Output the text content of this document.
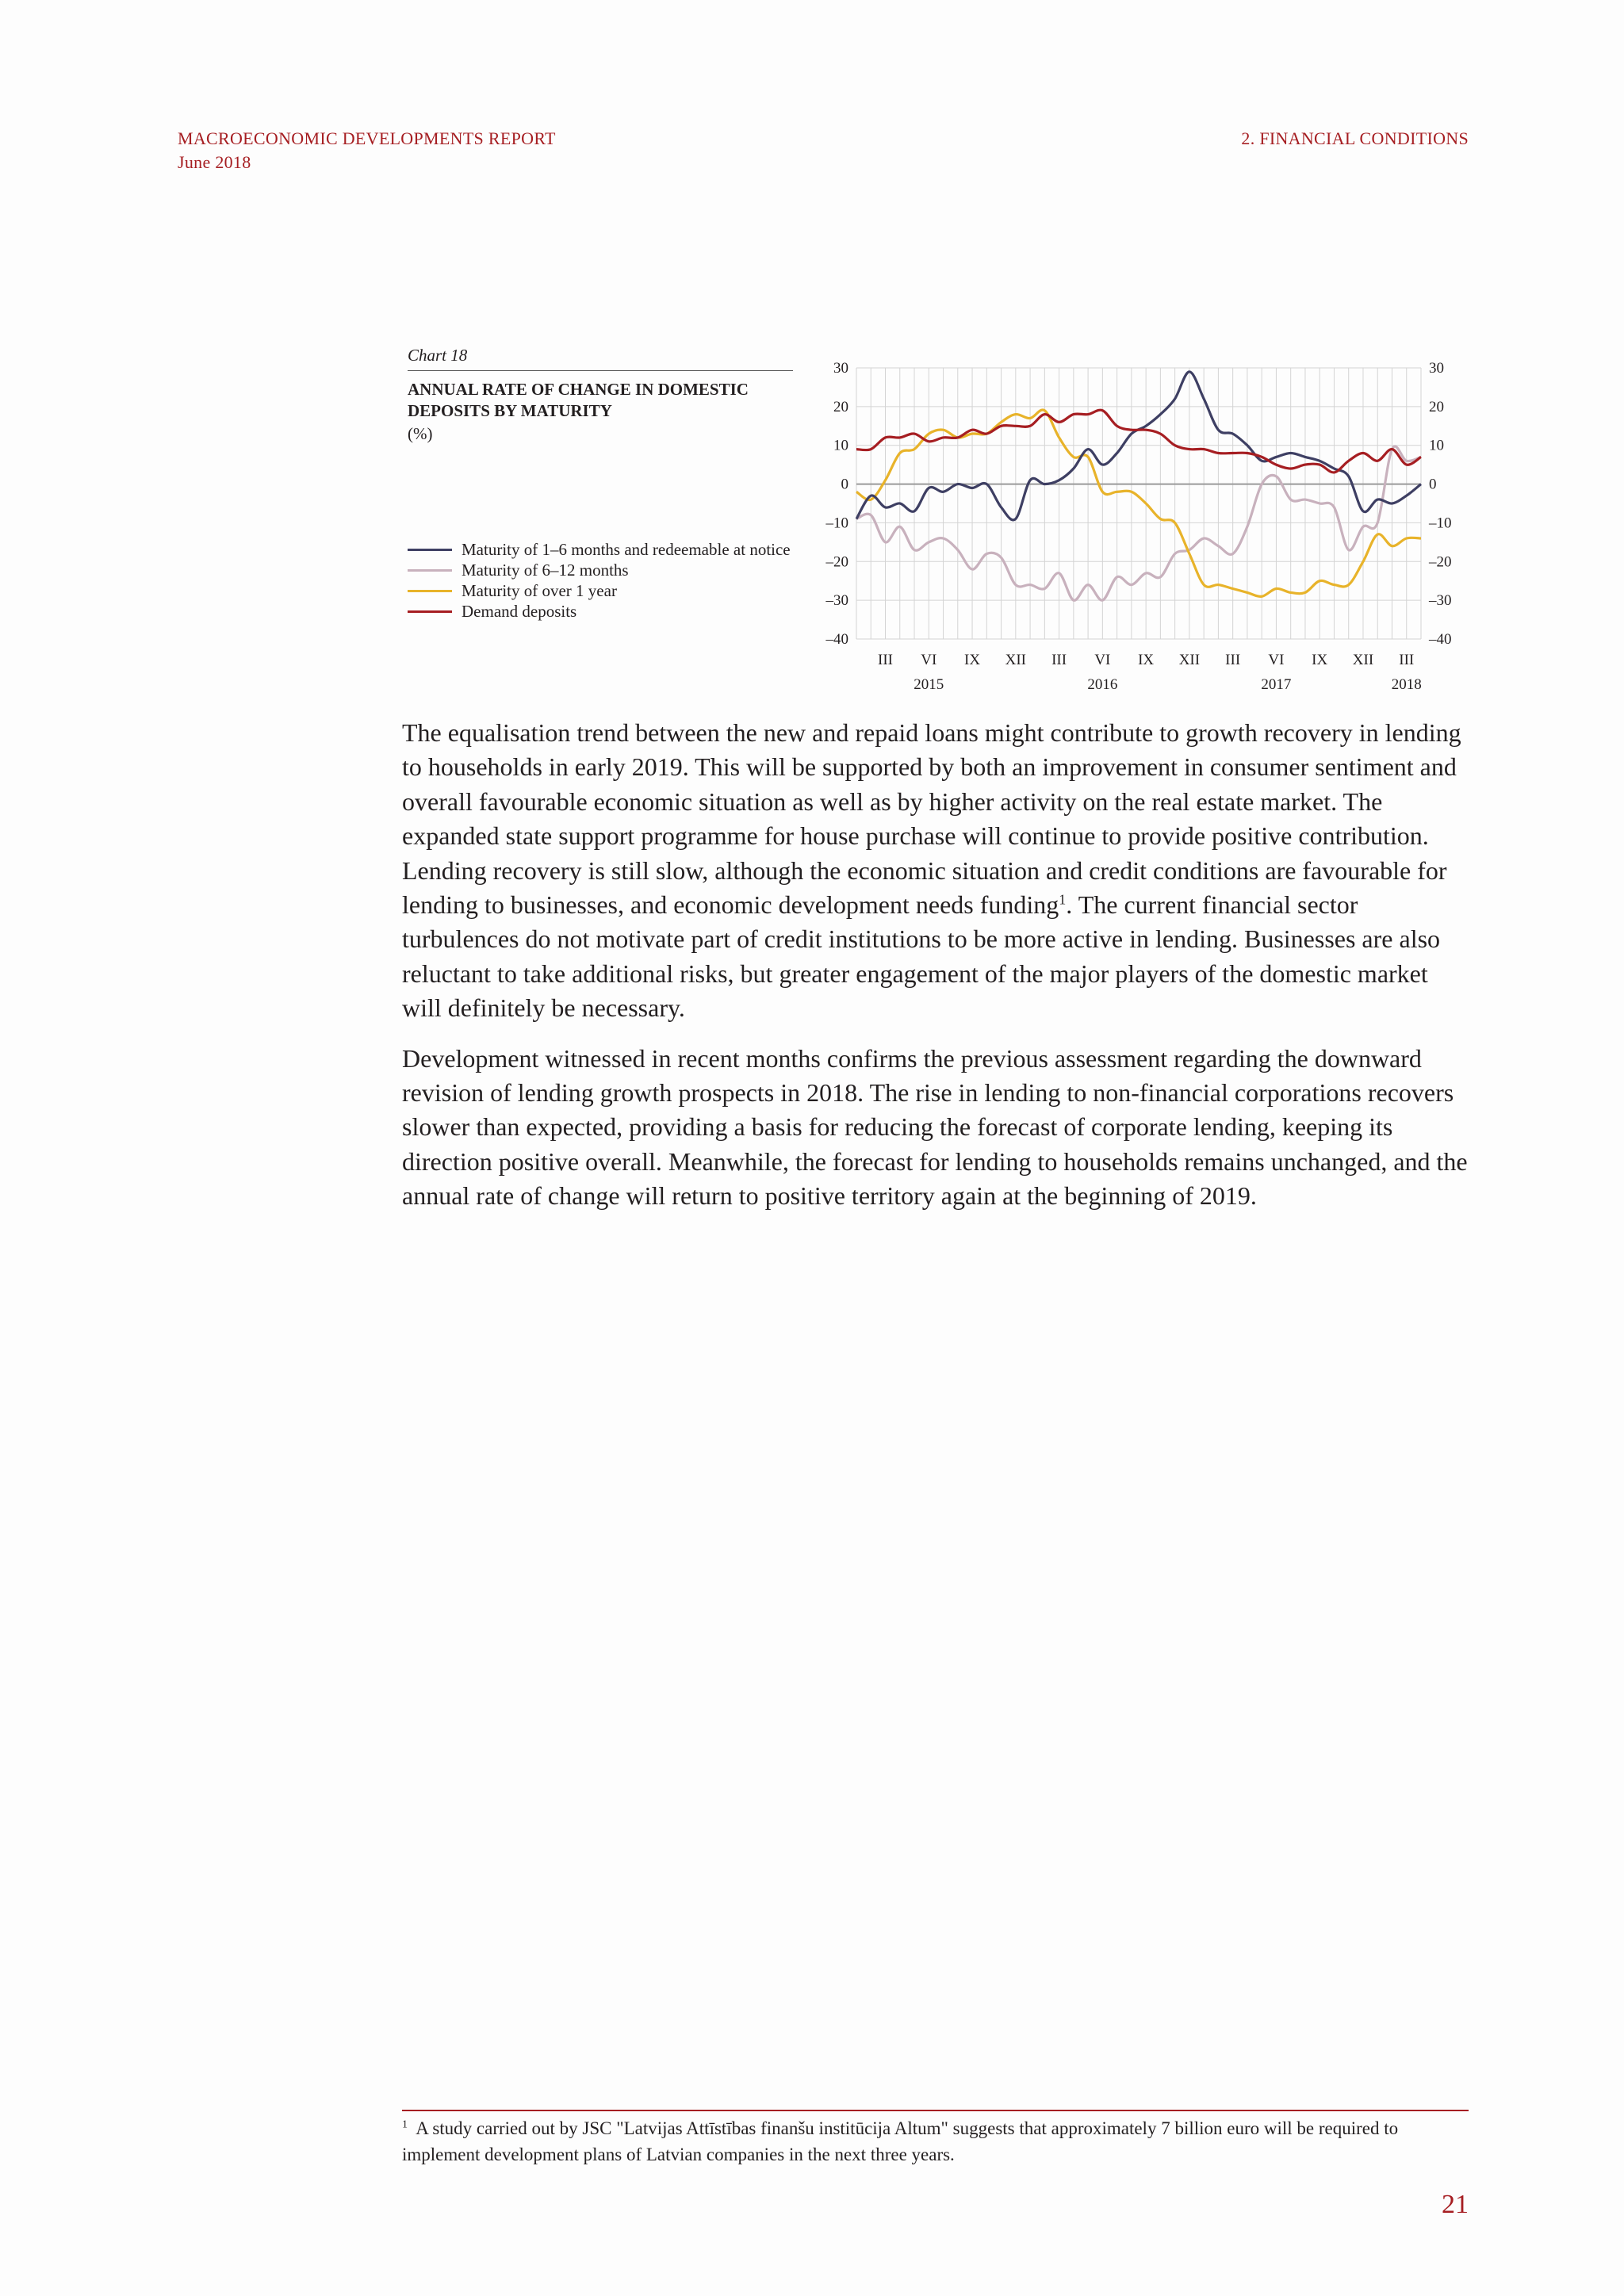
MACROECONOMIC DEVELOPMENTS REPORT
June 2018
2. FINANCIAL CONDITIONS
Chart 18
ANNUAL RATE OF CHANGE IN DOMESTIC DEPOSITS BY MATURITY
(%)
Maturity of 1–6 months and redeemable at notice
Maturity of 6–12 months
Maturity of over 1 year
Demand deposits
30	30
20	20
10	10
0	0
–10	–10
–20	–20
–30	–30
–40	–40
III VI IX XII III VI IX XII III VI IX XII III
2015	2016	2017	2018

The equalisation trend between the new and repaid loans might contribute to growth recovery in lending to households in early 2019. This will be supported by both an improvement in consumer sentiment and overall favourable economic situation as well as by higher activity on the real estate market. The expanded state support programme for house purchase will continue to provide positive contribution. Lending recovery is still slow, although the economic situation and credit conditions are favourable for lending to businesses, and economic development needs funding$^1$. The current financial sector turbulences do not motivate part of credit institutions to be more active in lending. Businesses are also reluctant to take additional risks, but greater engagement of the major players of the domestic market will definitely be necessary.

Development witnessed in recent months confirms the previous assessment regarding the downward revision of lending growth prospects in 2018. The rise in lending to non-financial corporations recovers slower than expected, providing a basis for reducing the forecast of corporate lending, keeping its direction positive overall. Meanwhile, the forecast for lending to households remains unchanged, and the annual rate of change will return to positive territory again at the beginning of 2019.

$^1$ A study carried out by JSC "Latvijas Attīstības finanšu institūcija Altum" suggests that approximately 7 billion euro will be required to implement development plans of Latvian companies in the next three years.
21
